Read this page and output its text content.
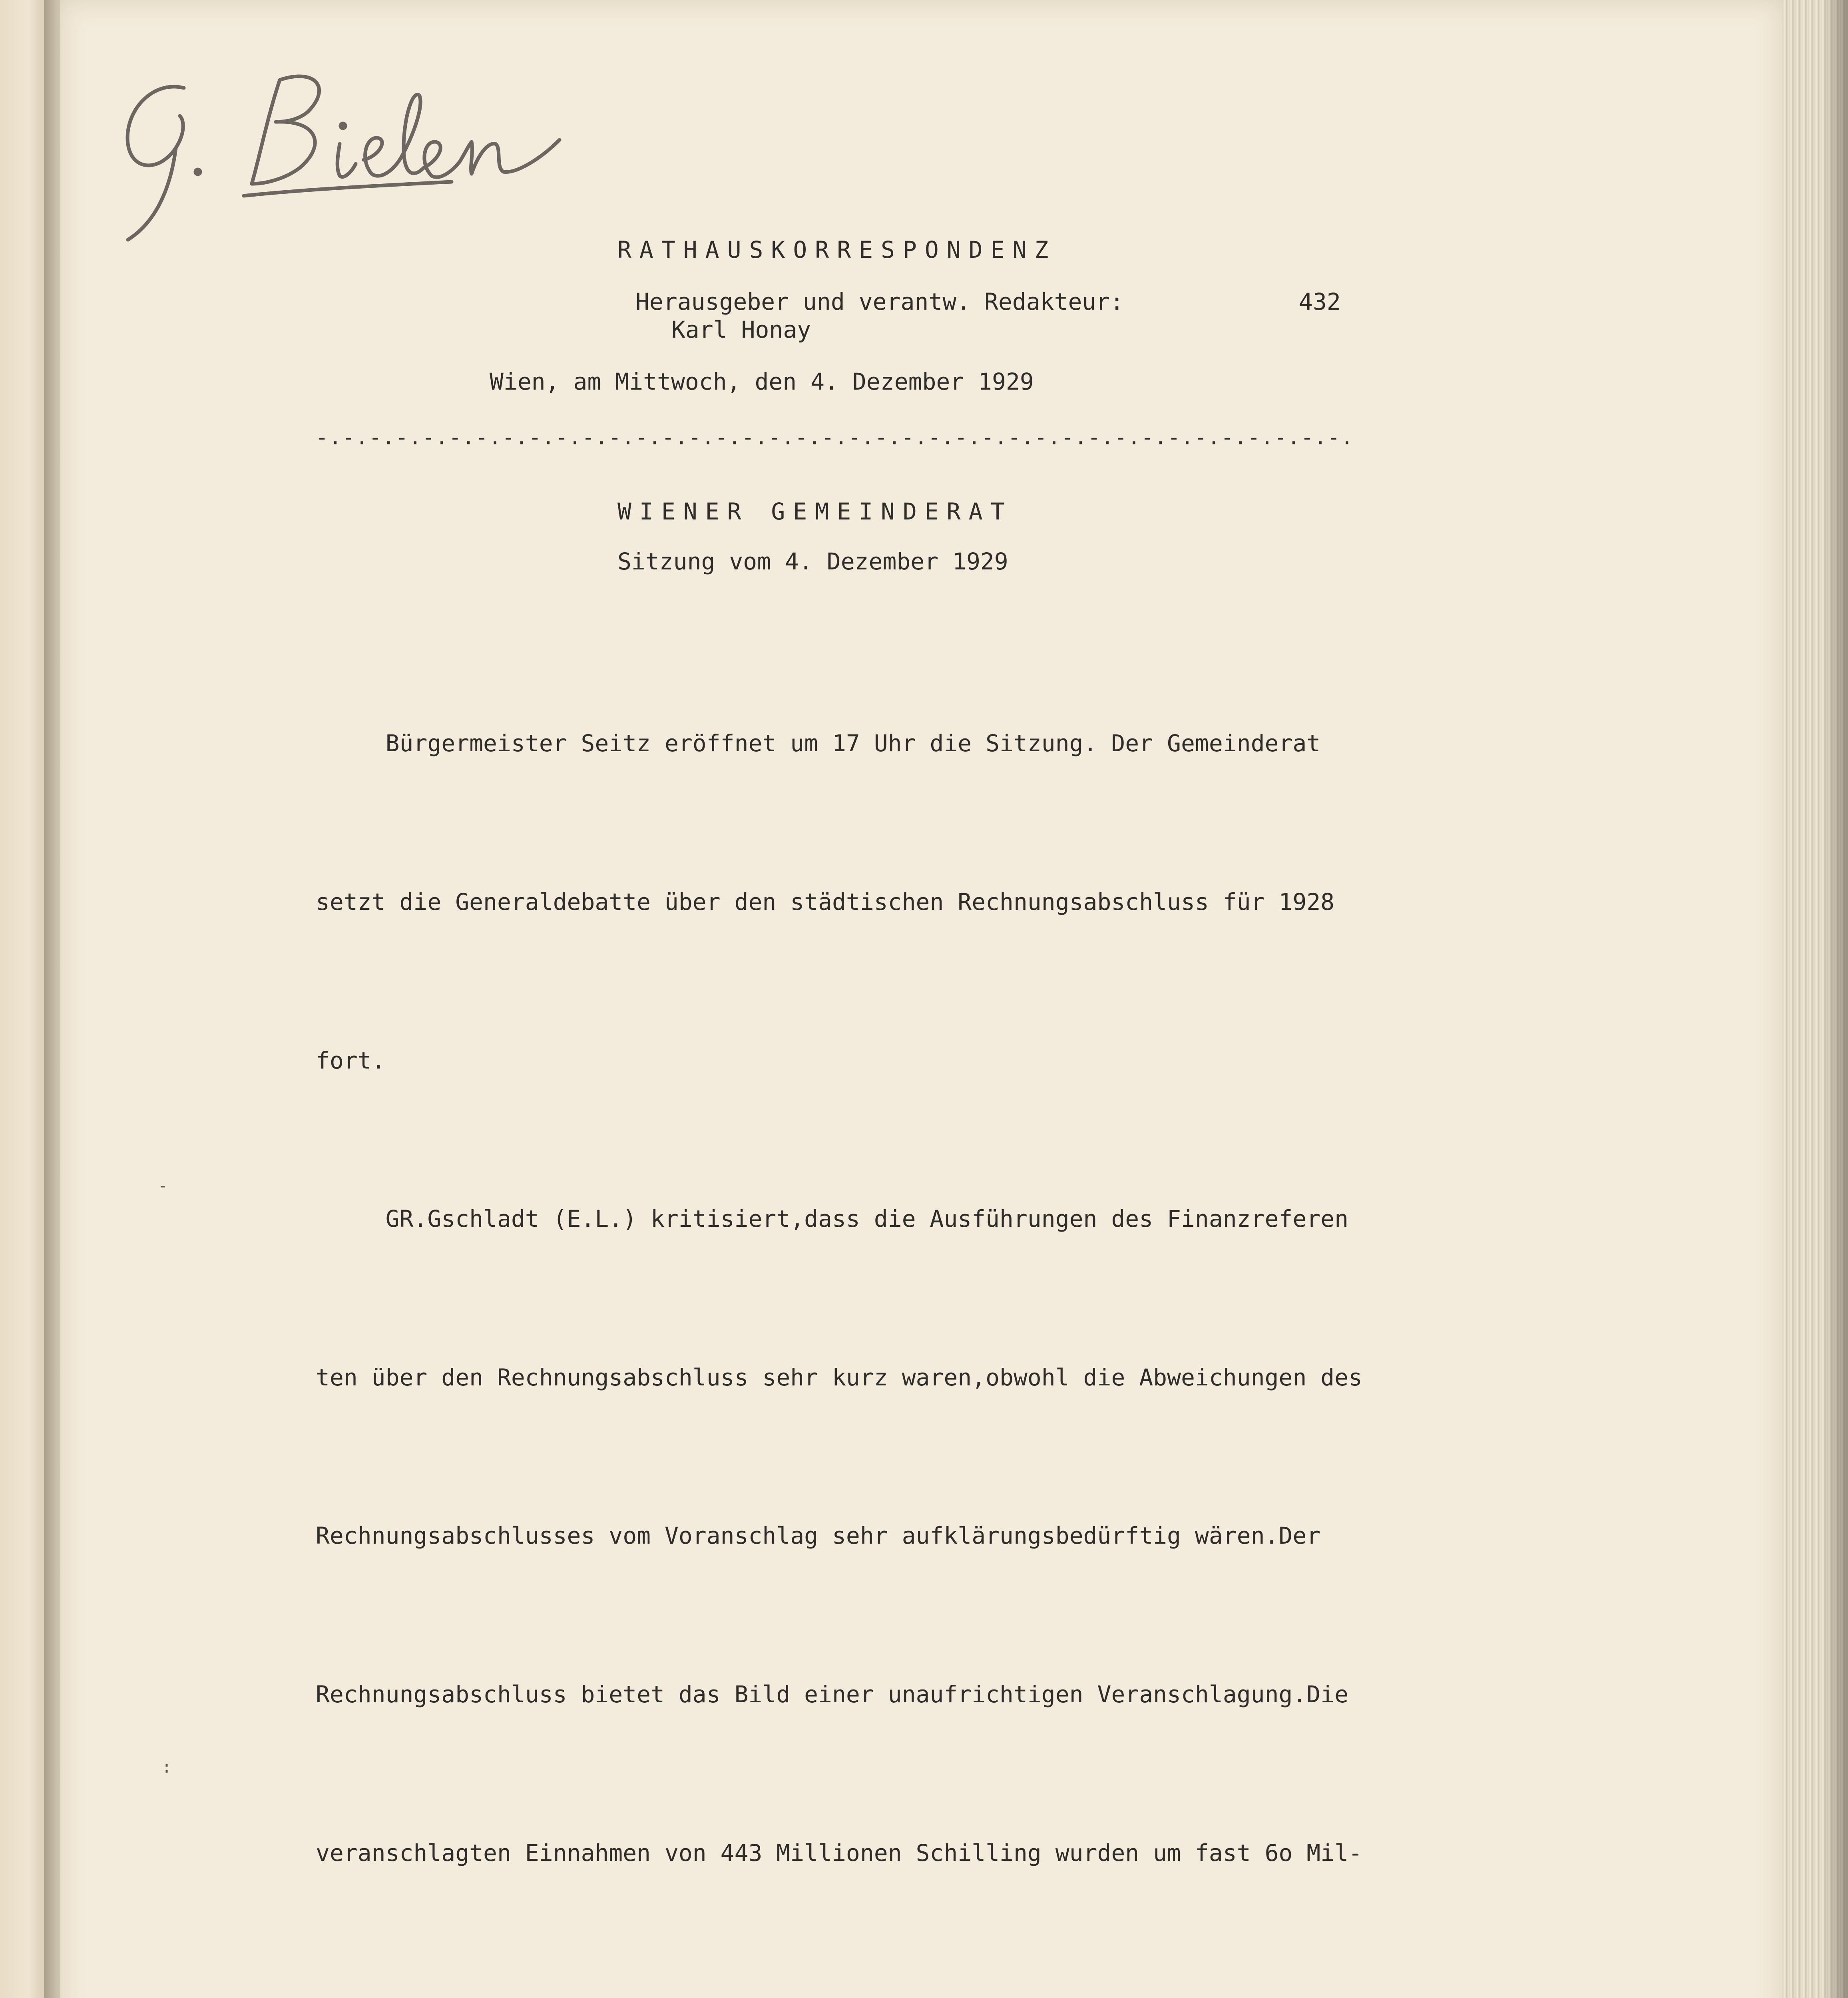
RATHAUSKORRESPONDENZ
Herausgeber und verantw. Redakteur:
Karl Honay
432
Wien, am Mittwoch, den 4. Dezember 1929
-.-.-.-.-.-.-.-.-.-.-.-.-.-.-.-.-.-.-.-.-.-.-.-.-.-.-.-.-.-.-.-.-.-.-.-.-.-.-.
WIENER GEMEINDERAT
Sitzung vom 4. Dezember 1929

Bürgermeister Seitz eröffnet um 17 Uhr die Sitzung. Der Gemeinderat

setzt die Generaldebatte über den städtischen Rechnungsabschluss für 1928

fort.

GR.Gschladt (E.L.) kritisiert,dass die Ausführungen des Finanzreferen

ten über den Rechnungsabschluss sehr kurz waren,obwohl die Abweichungen des

Rechnungsabschlusses vom Voranschlag sehr aufklärungsbedürftig wären.Der

Rechnungsabschluss bietet das Bild einer unaufrichtigen Veranschlagung.Die

veranschlagten Einnahmen von 443 Millionen Schilling wurden um fast 6o Mil-

-
:
